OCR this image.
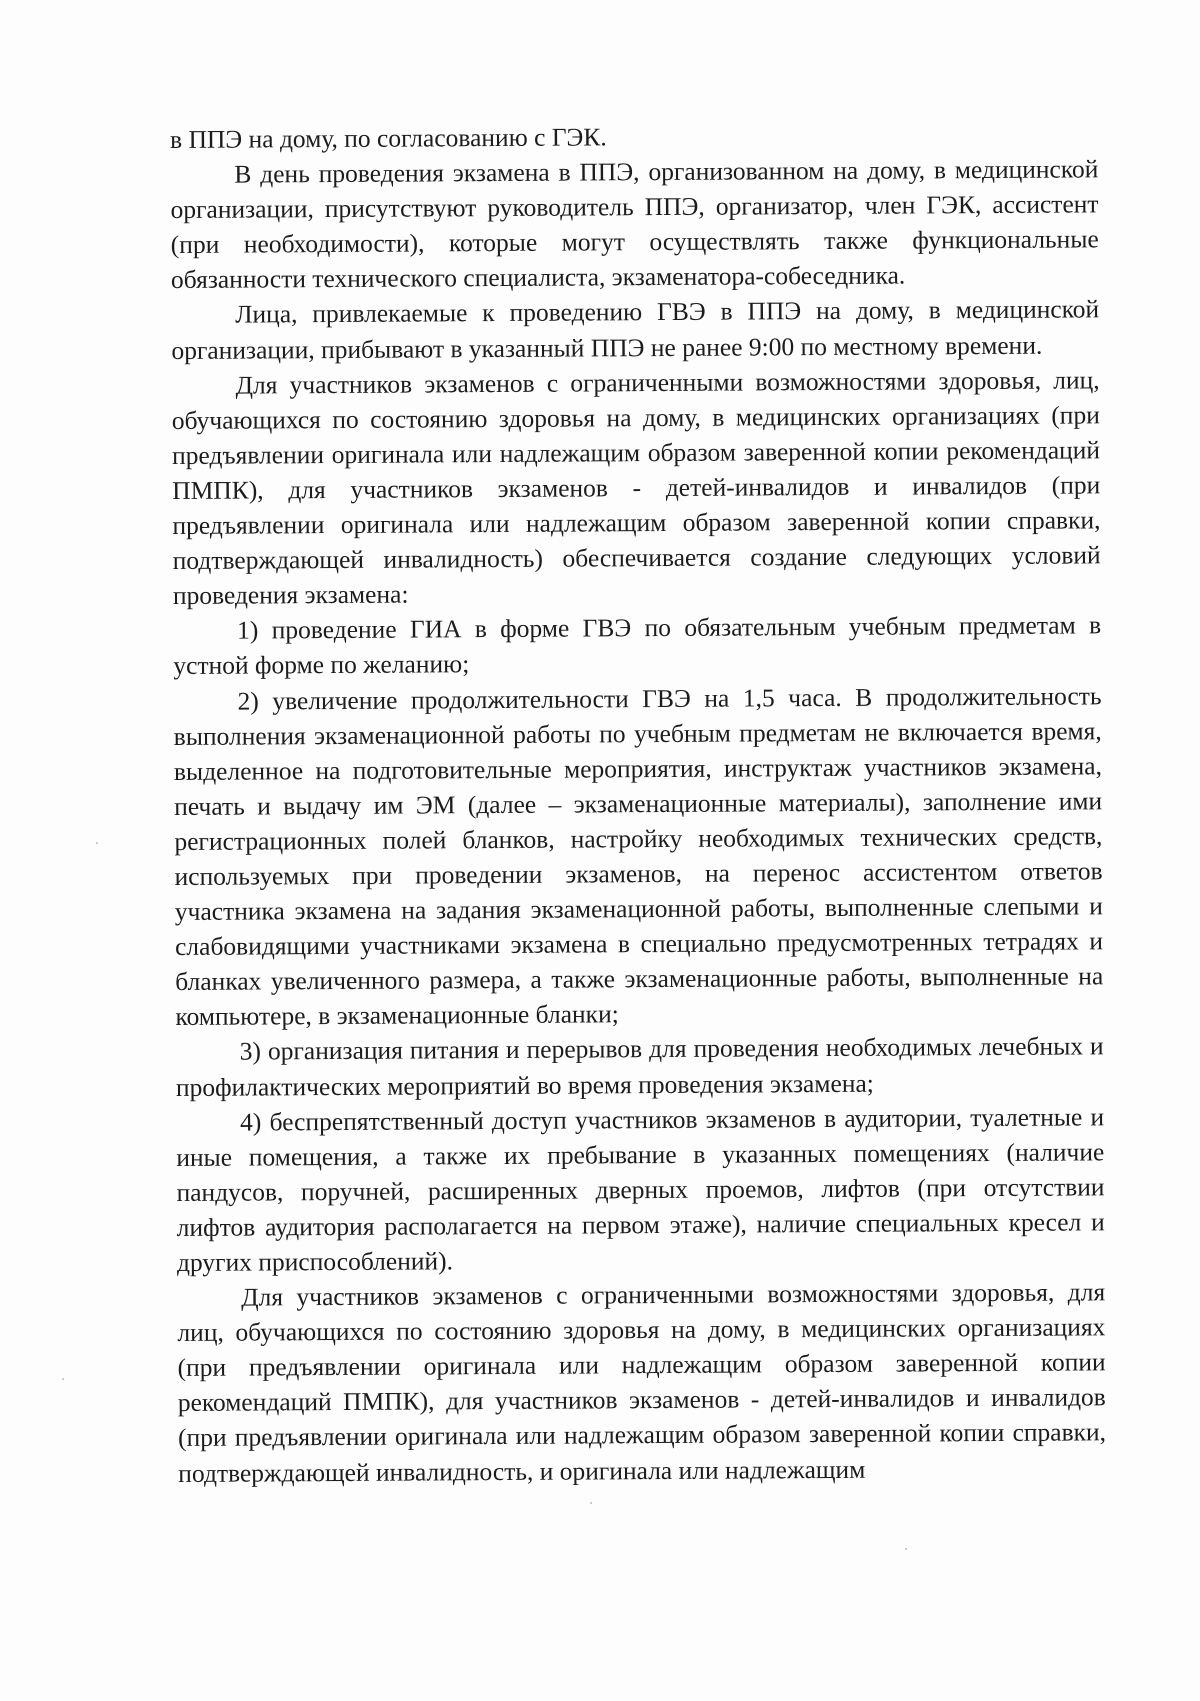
в ППЭ на дому, по согласованию с ГЭК.

В день проведения экзамена в ППЭ, организованном на дому, в медицинской организации, присутствуют руководитель ППЭ, организатор, член ГЭК, ассистент (при необходимости), которые могут осуществлять также функциональные обязанности технического специалиста, экзаменатора-собеседника.

Лица, привлекаемые к проведению ГВЭ в ППЭ на дому, в медицинской организации, прибывают в указанный ППЭ не ранее 9:00 по местному времени.

Для участников экзаменов с ограниченными возможностями здоровья, лиц, обучающихся по состоянию здоровья на дому, в медицинских организациях (при предъявлении оригинала или надлежащим образом заверенной копии рекомендаций ПМПК), для участников экзаменов - детей-инвалидов и инвалидов (при предъявлении оригинала или надлежащим образом заверенной копии справки, подтверждающей инвалидность) обеспечивается создание следующих условий проведения экзамена:

1) проведение ГИА в форме ГВЭ по обязательным учебным предметам в устной форме по желанию;

2) увеличение продолжительности ГВЭ на 1,5 часа. В продолжительность выполнения экзаменационной работы по учебным предметам не включается время, выделенное на подготовительные мероприятия, инструктаж участников экзамена, печать и выдачу им ЭМ (далее – экзаменационные материалы), заполнение ими регистрационных полей бланков, настройку необходимых технических средств, используемых при проведении экзаменов, на перенос ассистентом ответов участника экзамена на задания экзаменационной работы, выполненные слепыми и слабовидящими участниками экзамена в специально предусмотренных тетрадях и бланках увеличенного размера, а также экзаменационные работы, выполненные на компьютере, в экзаменационные бланки;

3) организация питания и перерывов для проведения необходимых лечебных и профилактических мероприятий во время проведения экзамена;

4) беспрепятственный доступ участников экзаменов в аудитории, туалетные и иные помещения, а также их пребывание в указанных помещениях (наличие пандусов, поручней, расширенных дверных проемов, лифтов (при отсутствии лифтов аудитория располагается на первом этаже), наличие специальных кресел и других приспособлений).

Для участников экзаменов с ограниченными возможностями здоровья, для лиц, обучающихся по состоянию здоровья на дому, в медицинских организациях (при предъявлении оригинала или надлежащим образом заверенной копии рекомендаций ПМПК), для участников экзаменов - детей-инвалидов и инвалидов (при предъявлении оригинала или надлежащим образом заверенной копии справки, подтверждающей инвалидность, и оригинала или надлежащим
